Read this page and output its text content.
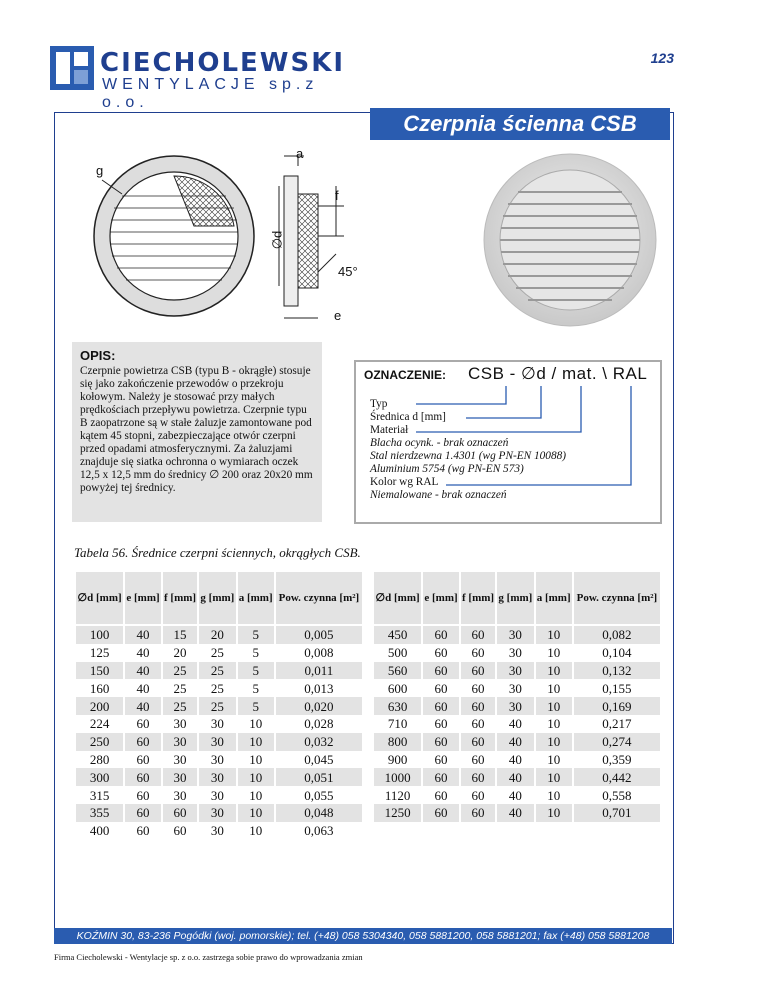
CIECHOLEWSKI
WENTYLACJE sp.z o.o.
123
Czerpnia ścienna CSB
a
g
f
∅d
45°
e
OPIS:

Czerpnie powietrza CSB (typu B - okrągłe) stosuje się jako zakończenie przewodów o przekroju kołowym. Należy je stosować przy małych prędkościach przepływu powietrza. Czerpnie typu B zaopatrzone są w stałe żaluzje zamontowane pod kątem 45 stopni, zabezpieczające otwór czerpni przed opadami atmosferycznymi. Za żaluzjami znajduje się siatka ochronna o wymiarach oczek 12,5 x 12,5 mm do średnicy ∅ 200 oraz 20x20 mm powyżej tej średnicy.

OZNACZENIE: CSB - ∅d / mat. \ RAL
Typ
Średnica d [mm]
Materiał
Blacha ocynk. - brak oznaczeń
Stal nierdzewna 1.4301 (wg PN-EN 10088)
Aluminium 5754 (wg PN-EN 573)
Kolor wg RAL
Niemalowane - brak oznaczeń
Tabela 56. Średnice czerpni ściennych, okrągłych CSB.
∅d [mm]	e [mm]	f [mm]	g [mm]	a [mm]	Pow. czynna [m²]
100	40	15	20	5	0,005
125	40	20	25	5	0,008
150	40	25	25	5	0,011
160	40	25	25	5	0,013
200	40	25	25	5	0,020
224	60	30	30	10	0,028
250	60	30	30	10	0,032
280	60	30	30	10	0,045
300	60	30	30	10	0,051
315	60	30	30	10	0,055
355	60	60	30	10	0,048
400	60	60	30	10	0,063
∅d [mm]	e [mm]	f [mm]	g [mm]	a [mm]	Pow. czynna [m²]
450	60	60	30	10	0,082
500	60	60	30	10	0,104
560	60	60	30	10	0,132
600	60	60	30	10	0,155
630	60	60	30	10	0,169
710	60	60	40	10	0,217
800	60	60	40	10	0,274
900	60	60	40	10	0,359
1000	60	60	40	10	0,442
1120	60	60	40	10	0,558
1250	60	60	40	10	0,701

KOŹMIN 30, 83-236 Pogódki (woj. pomorskie); tel. (+48) 058 5304340, 058 5881200, 058 5881201; fax (+48) 058 5881208
Firma Ciecholewski - Wentylacje sp. z o.o. zastrzega sobie prawo do wprowadzania zmian
